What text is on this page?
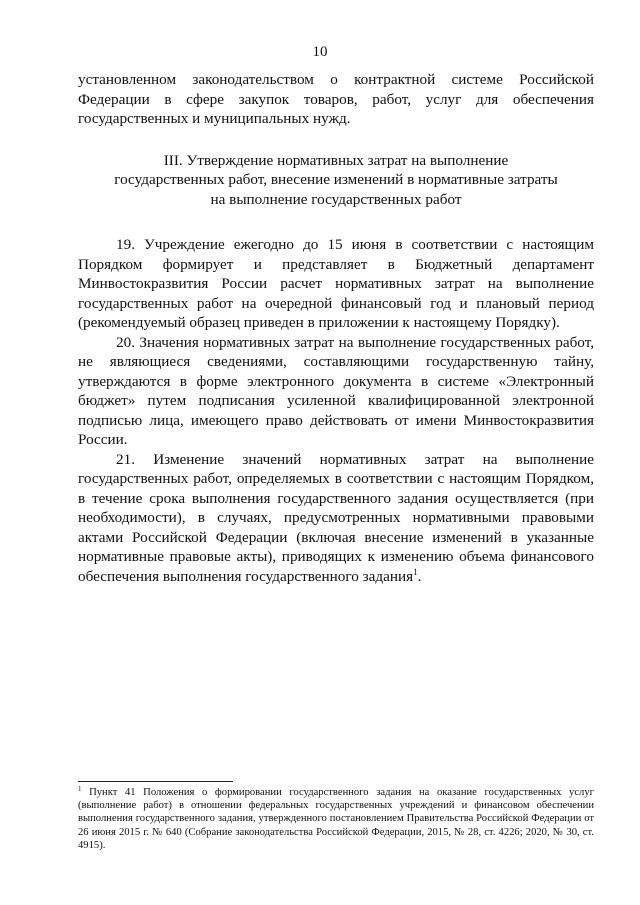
10

установленном законодательством о контрактной системе Российской Федерации в сфере закупок товаров, работ, услуг для обеспечения государственных и муниципальных нужд.

III. Утверждение нормативных затрат на выполнение
государственных работ, внесение изменений в нормативные затраты
на выполнение государственных работ

19. Учреждение ежегодно до 15 июня в соответствии с настоящим Порядком формирует и представляет в Бюджетный департамент Минвостокразвития России расчет нормативных затрат на выполнение государственных работ на очередной финансовый год и плановый период (рекомендуемый образец приведен в приложении к настоящему Порядку).

20. Значения нормативных затрат на выполнение государственных работ, не являющиеся сведениями, составляющими государственную тайну, утверждаются в форме электронного документа в системе «Электронный бюджет» путем подписания усиленной квалифицированной электронной подписью лица, имеющего право действовать от имени Минвостокразвития России.

21. Изменение значений нормативных затрат на выполнение государственных работ, определяемых в соответствии с настоящим Порядком, в течение срока выполнения государственного задания осуществляется (при необходимости), в случаях, предусмотренных нормативными правовыми актами Российской Федерации (включая внесение изменений в указанные нормативные правовые акты), приводящих к изменению объема финансового обеспечения выполнения государственного задания$^1$.

$^1$ Пункт 41 Положения о формировании государственного задания на оказание государственных услуг (выполнение работ) в отношении федеральных государственных учреждений и финансовом обеспечении выполнения государственного задания, утвержденного постановлением Правительства Российской Федерации от 26 июня 2015 г. № 640 (Собрание законодательства Российской Федерации, 2015, № 28, ст. 4226; 2020, № 30, ст. 4915).
